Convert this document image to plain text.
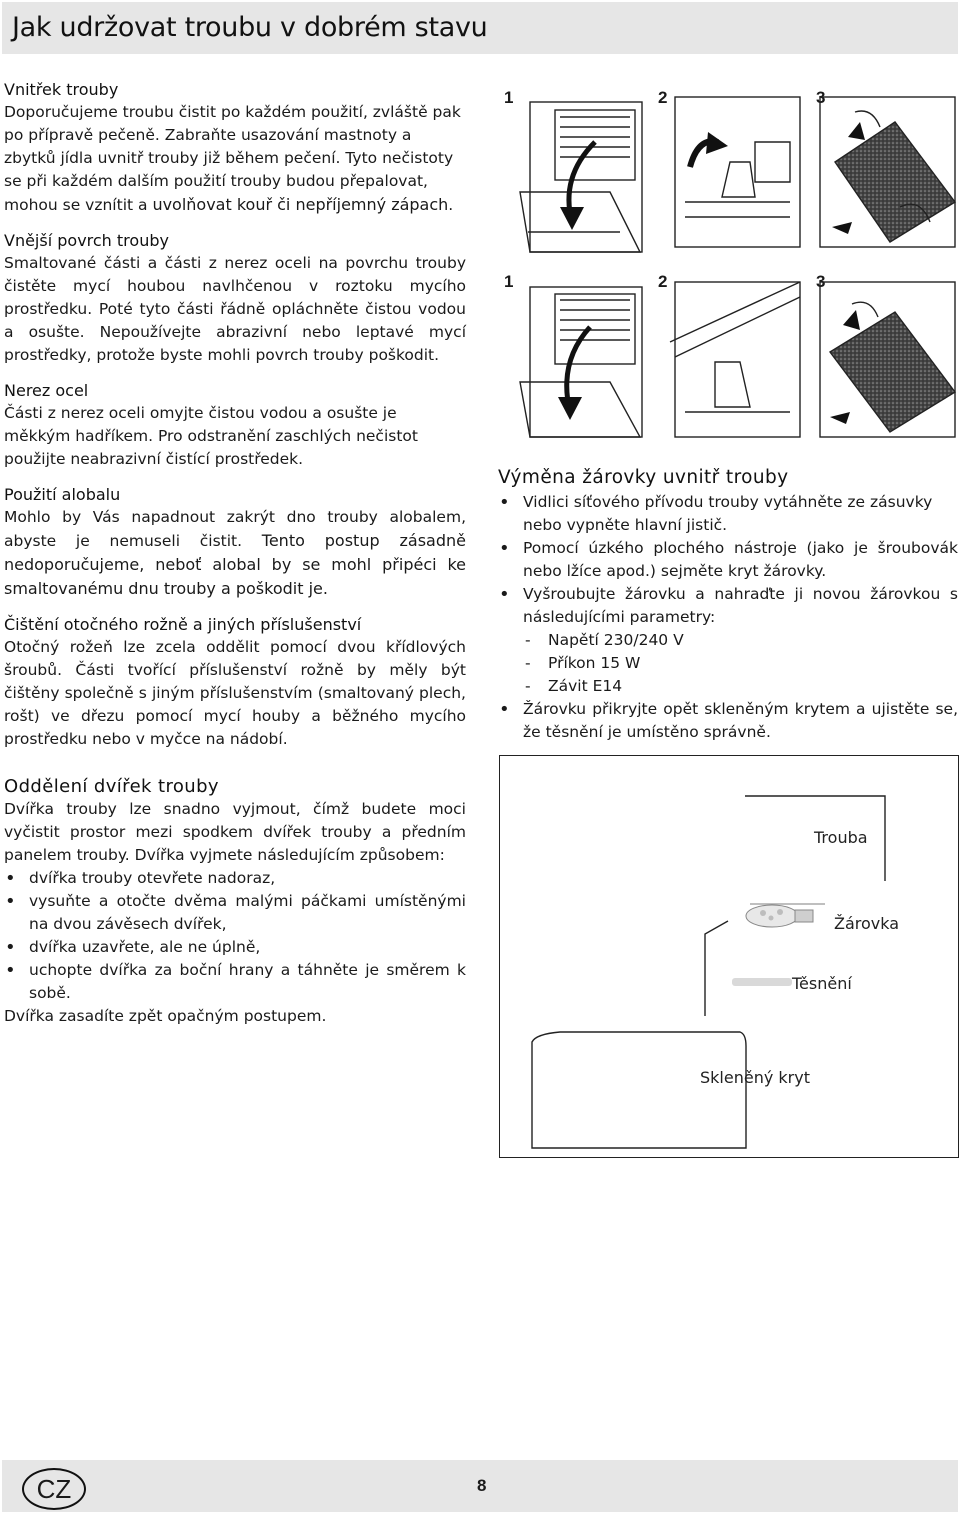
Jak udržovat troubu v dobrém stavu

Vnitřek trouby

Doporučujeme troubu čistit po každém použití, zvláště pak po přípravě pečeně. Zabraňte usazování mastnoty a zbytků jídla uvnitř trouby již během pečení. Tyto nečistoty se při každém dalším použití trouby budou přepalovat, mohou se vznítit a uvolňovat kouř či nepříjemný zápach.

Vnější povrch trouby

Smaltované části a části z nerez oceli na povrchu trouby čistěte mycí houbou navlhčenou v roztoku mycího prostředku. Poté tyto části řádně opláchněte čistou vodou a osušte. Nepoužívejte abrazivní nebo leptavé mycí prostředky, protože byste mohli povrch trouby poškodit.

Nerez ocel

Části z nerez oceli omyjte čistou vodou a osušte je měkkým hadříkem. Pro odstranění zaschlých nečistot použijte neabrazivní čistící prostředek.

Použití alobalu

Mohlo by Vás napadnout zakrýt dno trouby alobalem, abyste je nemuseli čistit. Tento postup zásadně nedoporučujeme, neboť alobal by se mohl připéci ke smaltovanému dnu trouby a poškodit je.

Čištění otočného rožně a jiných příslušenství

Otočný rožeň lze zcela oddělit pomocí dvou křídlových šroubů. Části tvořící příslušenství rožně by měly být čištěny společně s jiným příslušenstvím (smaltovaný plech, rošt) ve dřezu pomocí mycí houby a běžného mycího prostředku nebo v myčce na nádobí.

Oddělení dvířek trouby

Dvířka trouby lze snadno vyjmout, čímž budete moci vyčistit prostor mezi spodkem dvířek trouby a předním panelem trouby. Dvířka vyjmete následujícím způsobem:

• dvířka trouby otevřete nadoraz,
• vysuňte a otočte dvěma malými páčkami umístěnými na dvou závěsech dvířek,
• dvířka uzavřete, ale ne úplně,
• uchopte dvířka za boční hrany a táhněte je směrem k sobě.

Dvířka zasadíte zpět opačným postupem.

1	2	3
1	2	3

Výměna žárovky uvnitř trouby

• Vidlici síťového přívodu trouby vytáhněte ze zásuvky nebo vypněte hlavní jistič.
• Pomocí úzkého plochého nástroje (jako je šroubovák nebo lžíce apod.) sejměte kryt žárovky.
• Vyšroubujte žárovku a nahraďte ji novou žárovkou s následujícími parametry:
- Napětí 230/240 V
- Příkon 15 W
- Závit E14
• Žárovku přikryjte opět skleněným krytem a ujistěte se, že těsnění je umístěno správně.
Trouba
Žárovka
Těsnění
Skleněný kryt
CZ	8
